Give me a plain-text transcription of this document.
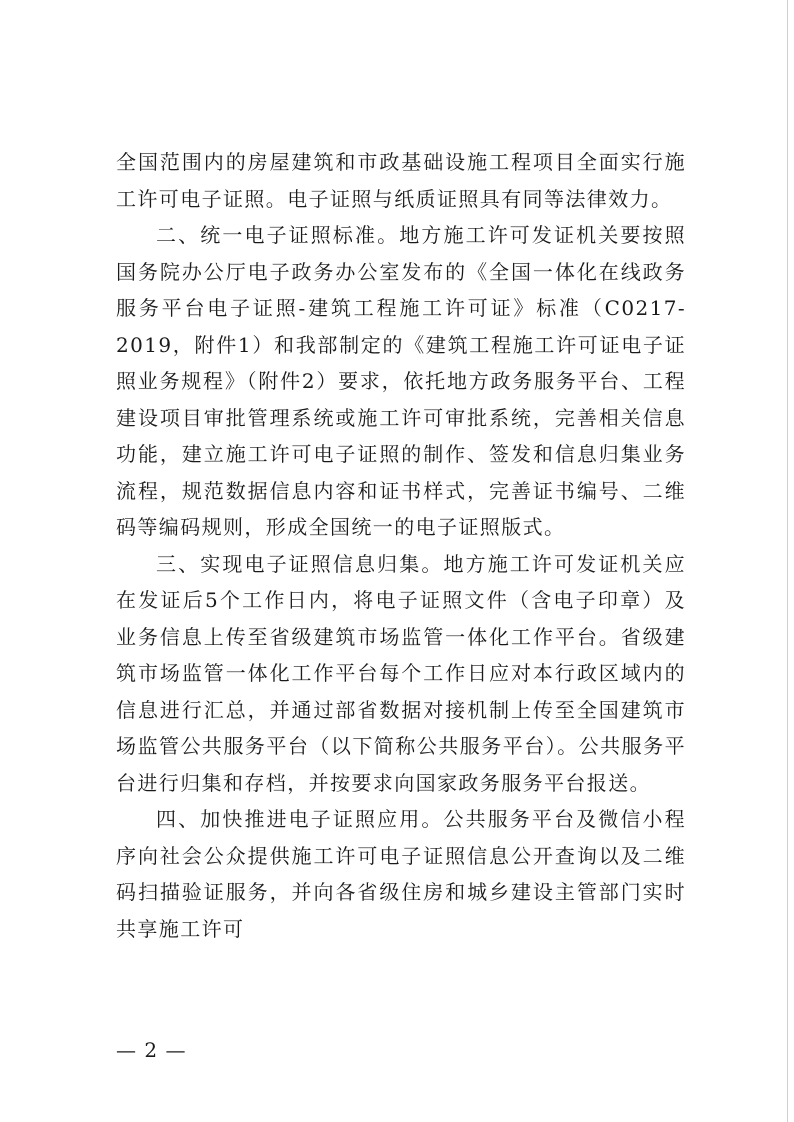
全国范围内的房屋建筑和市政基础设施工程项目全面实行施工许可电子证照。电子证照与纸质证照具有同等法律效力。

二、统一电子证照标准。地方施工许可发证机关要按照国务院办公厅电子政务办公室发布的《全国一体化在线政务服务平台电子证照-建筑工程施工许可证》标准（C0217-2019，附件1）和我部制定的《建筑工程施工许可证电子证照业务规程》（附件2）要求，依托地方政务服务平台、工程建设项目审批管理系统或施工许可审批系统，完善相关信息功能，建立施工许可电子证照的制作、签发和信息归集业务流程，规范数据信息内容和证书样式，完善证书编号、二维码等编码规则，形成全国统一的电子证照版式。

三、实现电子证照信息归集。地方施工许可发证机关应在发证后5个工作日内，将电子证照文件（含电子印章）及业务信息上传至省级建筑市场监管一体化工作平台。省级建筑市场监管一体化工作平台每个工作日应对本行政区域内的信息进行汇总，并通过部省数据对接机制上传至全国建筑市场监管公共服务平台（以下简称公共服务平台）。公共服务平台进行归集和存档，并按要求向国家政务服务平台报送。

四、加快推进电子证照应用。公共服务平台及微信小程序向社会公众提供施工许可电子证照信息公开查询以及二维码扫描验证服务，并向各省级住房和城乡建设主管部门实时共享施工许可

— 2 —
